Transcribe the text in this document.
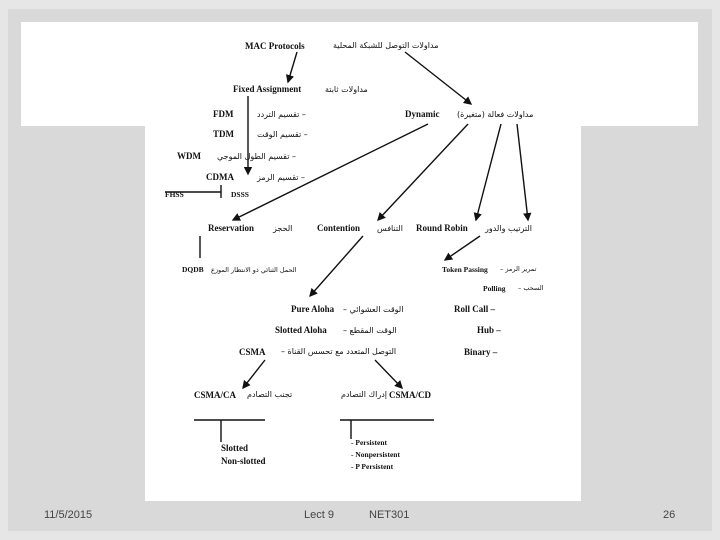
MAC Protocols	مداولات التوصل للشبكة المحلية
Fixed Assignment	مداولات ثابتة
FDM	– تقسيم التردد
TDM	– تقسيم الوقت
WDM – تقسيم الطول الموجي
CDMA	– تقسيم الرمز
FHSS	DSSS
Dynamic مداولات فعالة (متغيرة)
Reservation الحجز
DQDB الحمل الثنائي ذو الانتظار الموزع
Contention التنافس Round Robin الترتيب والدور
Token Passing تمرير الرمز –
Polling السحب –
Roll Call –
Hub –
Binary –
Pure Aloha الوقت العشوائي –
Slotted Aloha الوقت المقطع –
CSMA التوصل المتعدد مع تحسس القناة –
CSMA/CA تجنب التصادم	إدراك التصادم CSMA/CD
Slotted
Non-slotted
- Persistent
- Nonpersistent
- P Persistent
11/5/2015	Lect 9	NET301	26
